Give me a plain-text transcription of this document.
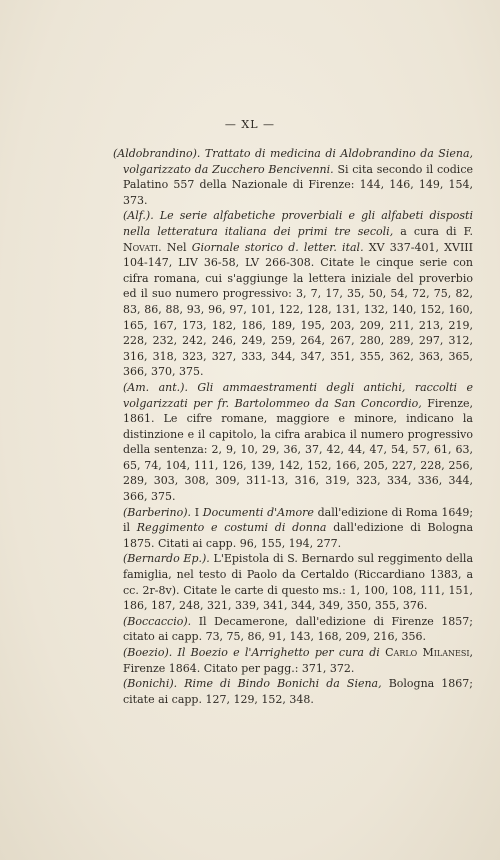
— XL —

(Aldobrandino). Trattato di medicina di Aldobrandino da Siena, volgarizzato da Zucchero Bencivenni. Si cita secondo il codice Palatino 557 della Nazionale di Firenze: 144, 146, 149, 154, 373.

(Alf.). Le serie alfabetiche proverbiali e gli alfabeti disposti nella letteratura italiana dei primi tre secoli, a cura di F. Novati. Nel Giornale storico d. letter. ital. XV 337-401, XVIII 104-147, LIV 36-58, LV 266-308. Citate le cinque serie con cifra romana, cui s'aggiunge la lettera iniziale del proverbio ed il suo numero progressivo: 3, 7, 17, 35, 50, 54, 72, 75, 82, 83, 86, 88, 93, 96, 97, 101, 122, 128, 131, 132, 140, 152, 160, 165, 167, 173, 182, 186, 189, 195, 203, 209, 211, 213, 219, 228, 232, 242, 246, 249, 259, 264, 267, 280, 289, 297, 312, 316, 318, 323, 327, 333, 344, 347, 351, 355, 362, 363, 365, 366, 370, 375.

(Am. ant.). Gli ammaestramenti degli antichi, raccolti e volgarizzati per fr. Bartolommeo da San Concordio, Firenze, 1861. Le cifre romane, maggiore e minore, indicano la distinzione e il capitolo, la cifra arabica il numero progressivo della sentenza: 2, 9, 10, 29, 36, 37, 42, 44, 47, 54, 57, 61, 63, 65, 74, 104, 111, 126, 139, 142, 152, 166, 205, 227, 228, 256, 289, 303, 308, 309, 311-13, 316, 319, 323, 334, 336, 344, 366, 375.

(Barberino). I Documenti d'Amore dall'edizione di Roma 1649; il Reggimento e costumi di donna dall'edizione di Bologna 1875. Citati ai capp. 96, 155, 194, 277.

(Bernardo Ep.). L'Epistola di S. Bernardo sul reggimento della famiglia, nel testo di Paolo da Certaldo (Riccardiano 1383, a cc. 2r-8v). Citate le carte di questo ms.: 1, 100, 108, 111, 151, 186, 187, 248, 321, 339, 341, 344, 349, 350, 355, 376.

(Boccaccio). Il Decamerone, dall'edizione di Firenze 1857; citato ai capp. 73, 75, 86, 91, 143, 168, 209, 216, 356.

(Boezio). Il Boezio e l'Arrighetto per cura di Carlo Milanesi, Firenze 1864. Citato per pagg.: 371, 372.

(Bonichi). Rime di Bindo Bonichi da Siena, Bologna 1867; citate ai capp. 127, 129, 152, 348.
